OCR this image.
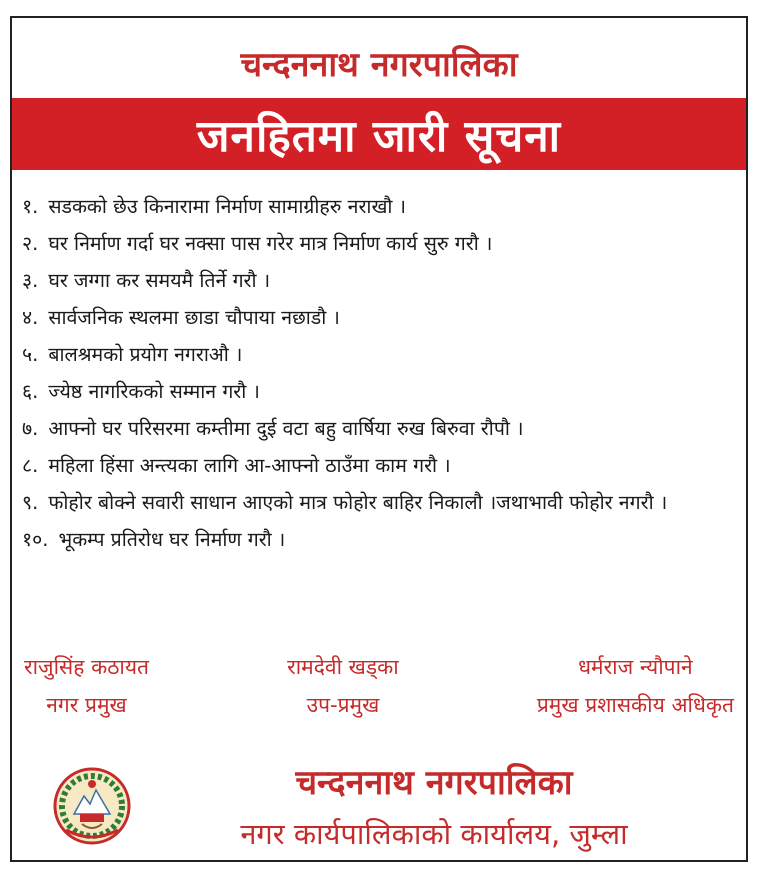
चन्दननाथ नगरपालिका
जनहितमा जारी सूचना
१. सडकको छेउ किनारामा निर्माण सामाग्रीहरु नराखौ ।
२. घर निर्माण गर्दा घर नक्सा पास गरेर मात्र निर्माण कार्य सुरु गरौ ।
३. घर जग्गा कर समयमै तिर्ने गरौ ।
४. सार्वजनिक स्थलमा छाडा चौपाया नछाडौ ।
५. बालश्रमको प्रयोग नगराऔ ।
६. ज्येष्ठ नागरिकको सम्मान गरौ ।
७. आफ्नो घर परिसरमा कम्तीमा दुई वटा बहु वार्षिया रुख बिरुवा रौपौ ।
८. महिला हिंसा अन्त्यका लागि आ-आफ्नो ठाउँमा काम गरौ ।
९. फोहोर बोक्ने सवारी साधान आएको मात्र फोहोर बाहिर निकालौ ।जथाभावी फोहोर नगरौ ।
१०. भूकम्प प्रतिरोध घर निर्माण गरौ ।
राजुसिंह कठायत
नगर प्रमुख
रामदेवी खड्का
उप-प्रमुख
धर्मराज न्यौपाने
प्रमुख प्रशासकीय अधिकृत
चन्दननाथ नगरपालिका
नगर कार्यपालिकाको कार्यालय, जुम्ला
